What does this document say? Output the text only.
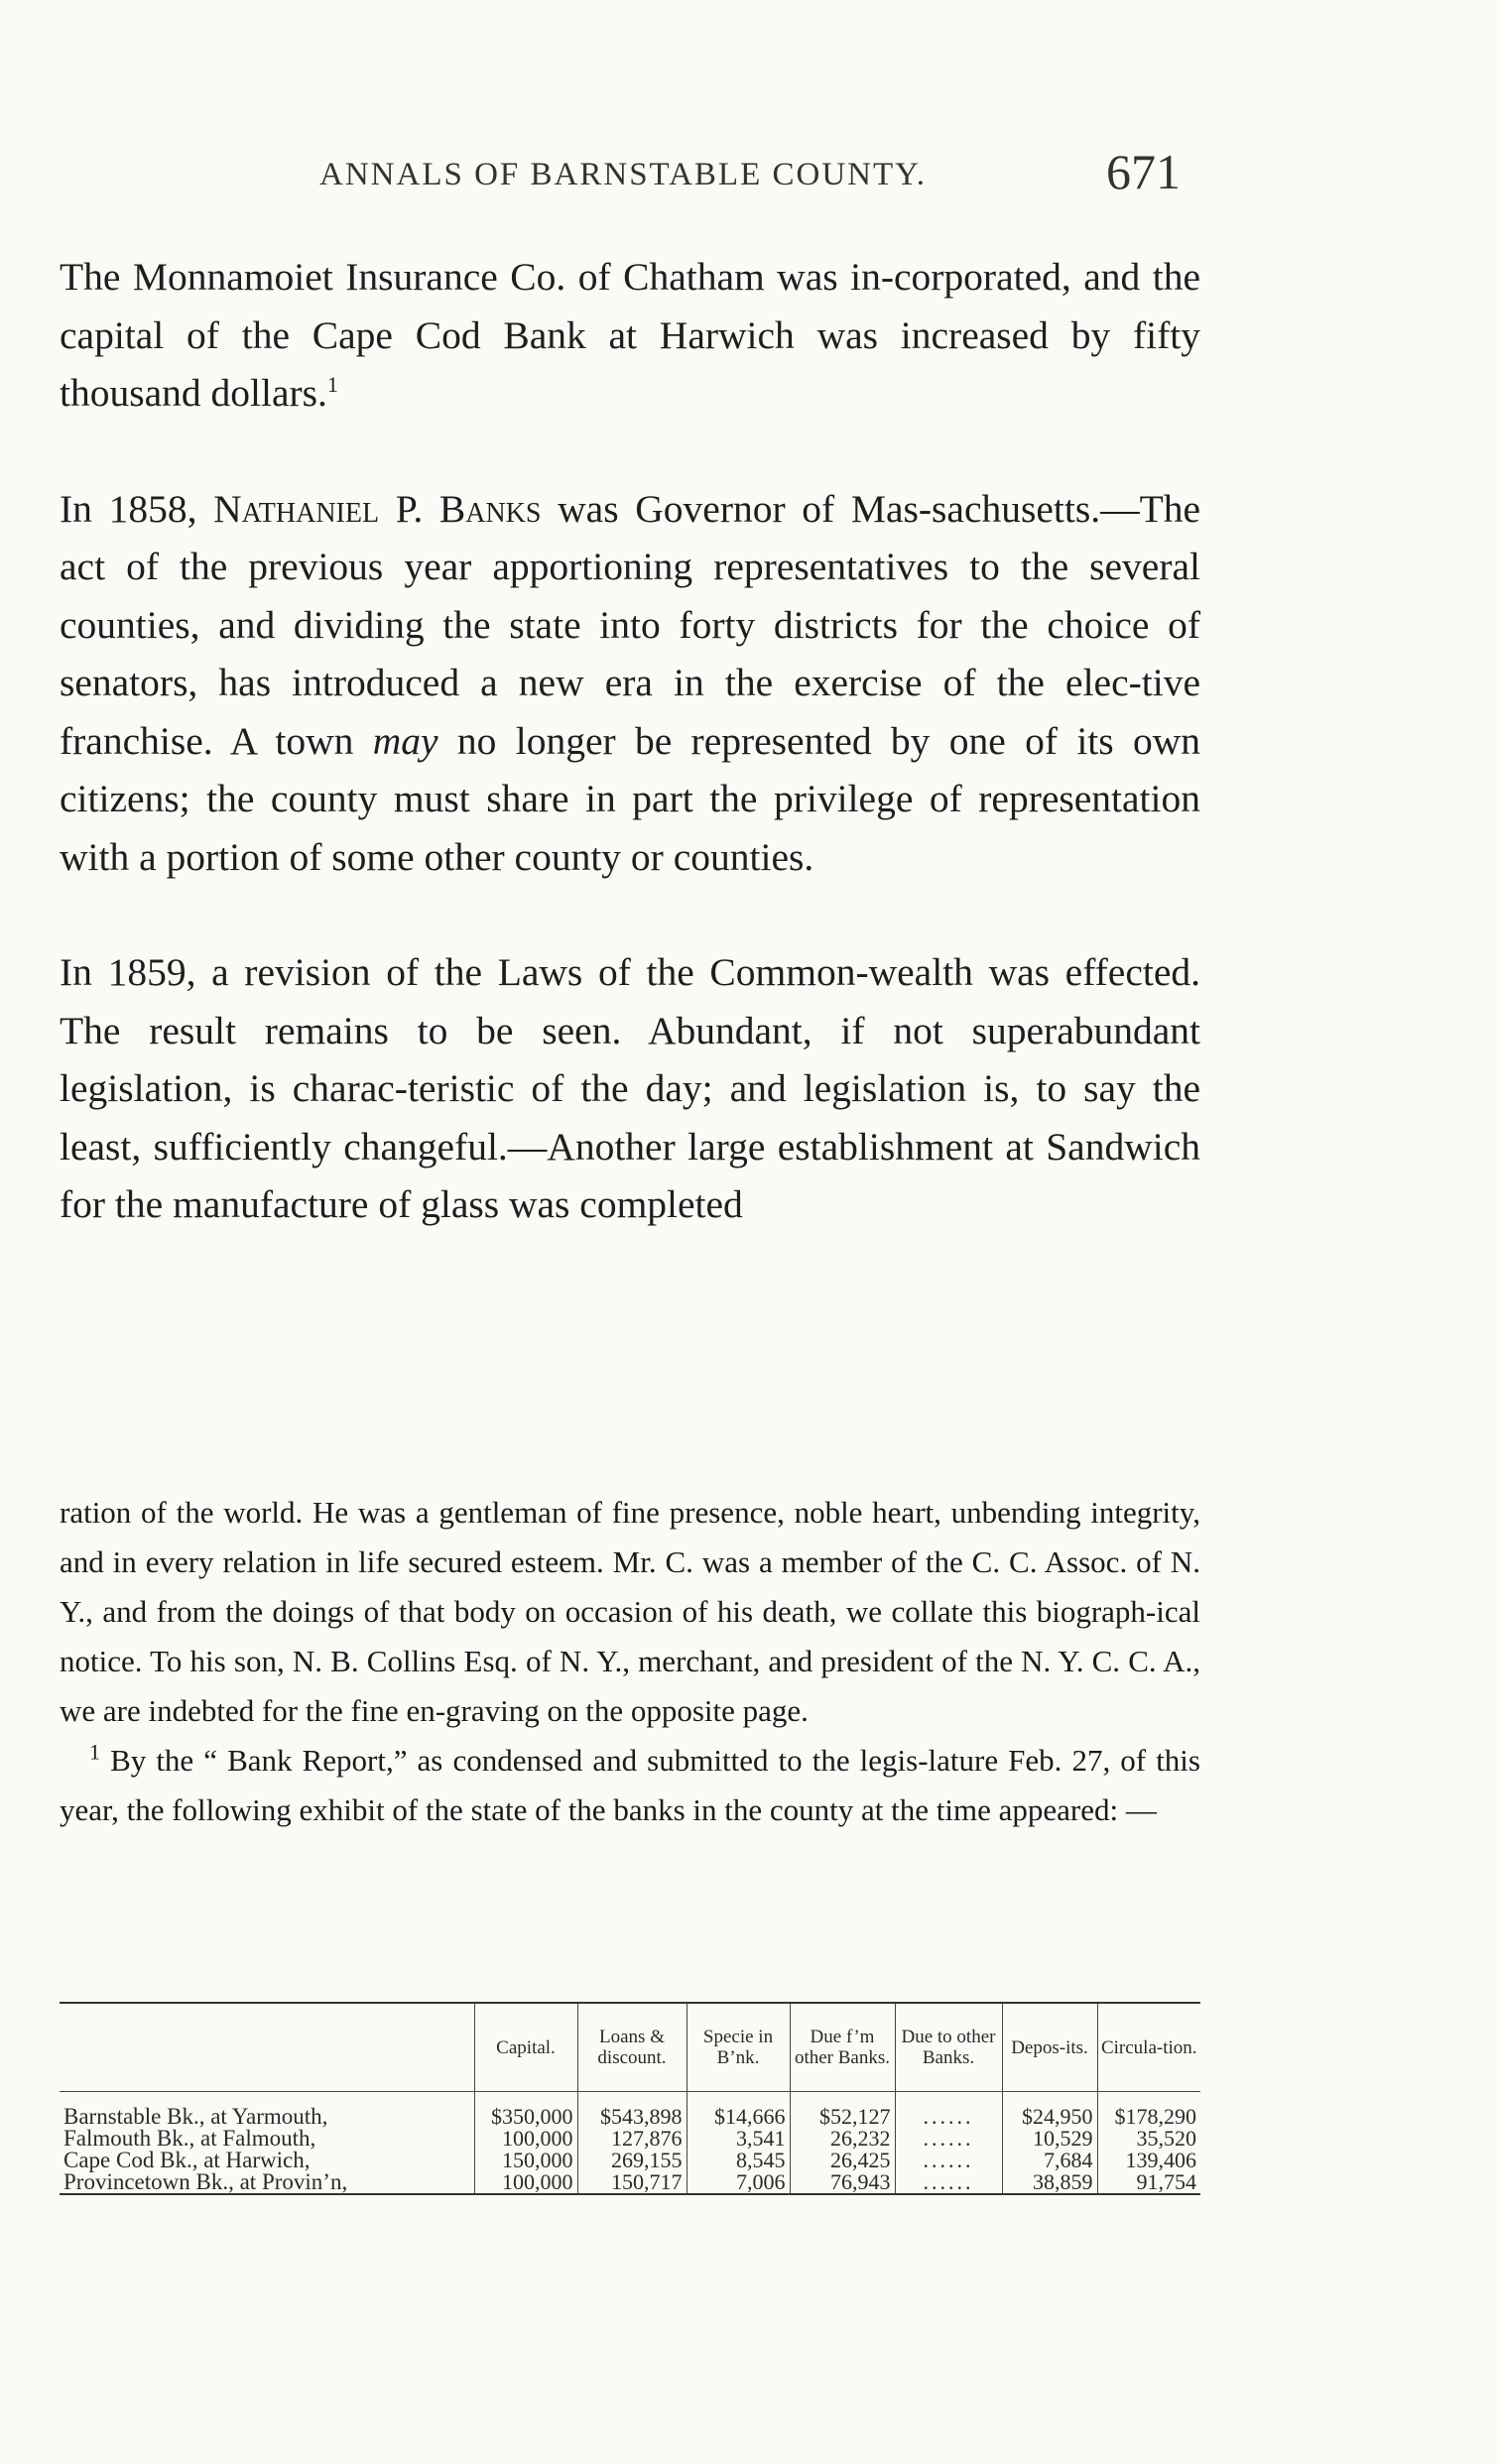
ANNALS OF BARNSTABLE COUNTY.	671

The Monnamoiet Insurance Co. of Chatham was in-corporated, and the capital of the Cape Cod Bank at Harwich was increased by fifty thousand dollars.$^1$

In 1858, Nathaniel P. Banks was Governor of Mas-sachusetts.—The act of the previous year apportioning representatives to the several counties, and dividing the state into forty districts for the choice of senators, has introduced a new era in the exercise of the elec-tive franchise. A town may no longer be represented by one of its own citizens; the county must share in part the privilege of representation with a portion of some other county or counties.

In 1859, a revision of the Laws of the Common-wealth was effected. The result remains to be seen. Abundant, if not superabundant legislation, is charac-teristic of the day; and legislation is, to say the least, sufficiently changeful.—Another large establishment at Sandwich for the manufacture of glass was completed

ration of the world. He was a gentleman of fine presence, noble heart, unbending integrity, and in every relation in life secured esteem. Mr. C. was a member of the C. C. Assoc. of N. Y., and from the doings of that body on occasion of his death, we collate this biograph-ical notice. To his son, N. B. Collins Esq. of N. Y., merchant, and president of the N. Y. C. C. A., we are indebted for the fine en-graving on the opposite page.

$^1$ By the “ Bank Report,” as condensed and submitted to the legis-lature Feb. 27, of this year, the following exhibit of the state of the banks in the county at the time appeared: —

	Capital.	Loans & discount.	Specie in B’nk.	Due f’m other Banks.	Due to other Banks.	Depos-its.	Circula-tion.

Barnstable Bk., at Yarmouth,	$350,000	$543,898	$14,666	$52,127	......	$24,950	$178,290
Falmouth Bk., at Falmouth,	100,000	127,876	3,541	26,232	......	10,529	35,520
Cape Cod Bk., at Harwich,	150,000	269,155	8,545	26,425	......	7,684	139,406
Provincetown Bk., at Provin’n,	100,000	150,717	7,006	76,943	......	38,859	91,754
